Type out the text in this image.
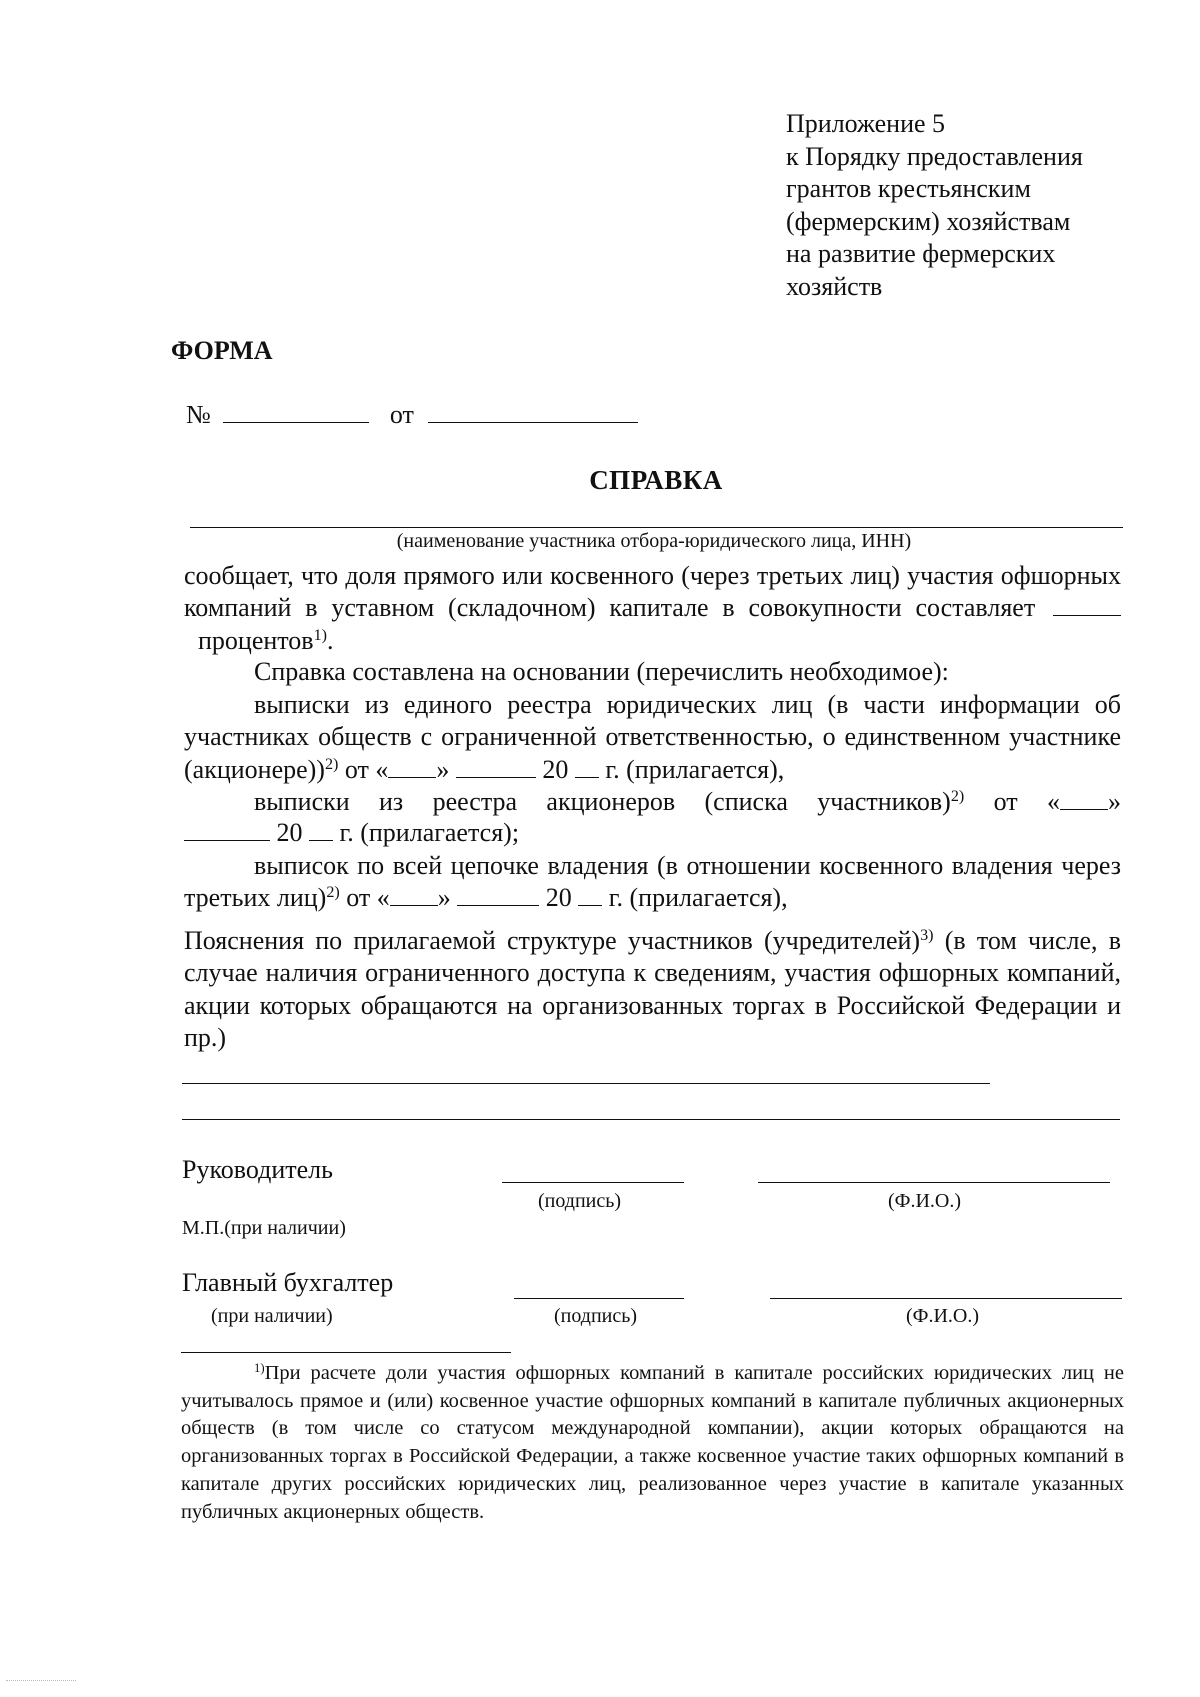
Приложение 5
к Порядку предоставления
грантов крестьянским
(фермерским) хозяйствам
на развитие фермерских
хозяйств
ФОРМА
№	от
СПРАВКА
(наименование участника отбора-юридического лица, ИНН)

сообщает, что доля прямого или косвенного (через третьих лиц) участия офшорных компаний в уставном (складочном) капитале в совокупности составляет  процентов$^{1)}$.

Справка составлена на основании (перечислить необходимое):

выписки из единого реестра юридических лиц (в части информации об участниках обществ с ограниченной ответственностью, о единственном участнике (акционере))$^{2)}$ от « »	20 г. (прилагается),

выписки из реестра акционеров (списка участников)$^{2)}$ от « »

20 г. (прилагается);

выписок по всей цепочке владения (в отношении косвенного владения через третьих лиц)$^{2)}$ от « »	20 г. (прилагается),

Пояснения по прилагаемой структуре участников (учредителей)$^{3)}$ (в том числе, в случае наличия ограниченного доступа к сведениям, участия офшорных компаний, акции которых обращаются на организованных торгах в Российской Федерации и пр.)

Руководитель
(подпись)	(Ф.И.О.)
М.П.(при наличии)
Главный бухгалтер
(при наличии)	(подпись)	(Ф.И.О.)

$^{1)}$При расчете доли участия офшорных компаний в капитале российских юридических лиц не учитывалось прямое и (или) косвенное участие офшорных компаний в капитале публичных акционерных обществ (в том числе со статусом международной компании), акции которых обращаются на организованных торгах в Российской Федерации, а также косвенное участие таких офшорных компаний в капитале других российских юридических лиц, реализованное через участие в капитале указанных публичных акционерных обществ.
